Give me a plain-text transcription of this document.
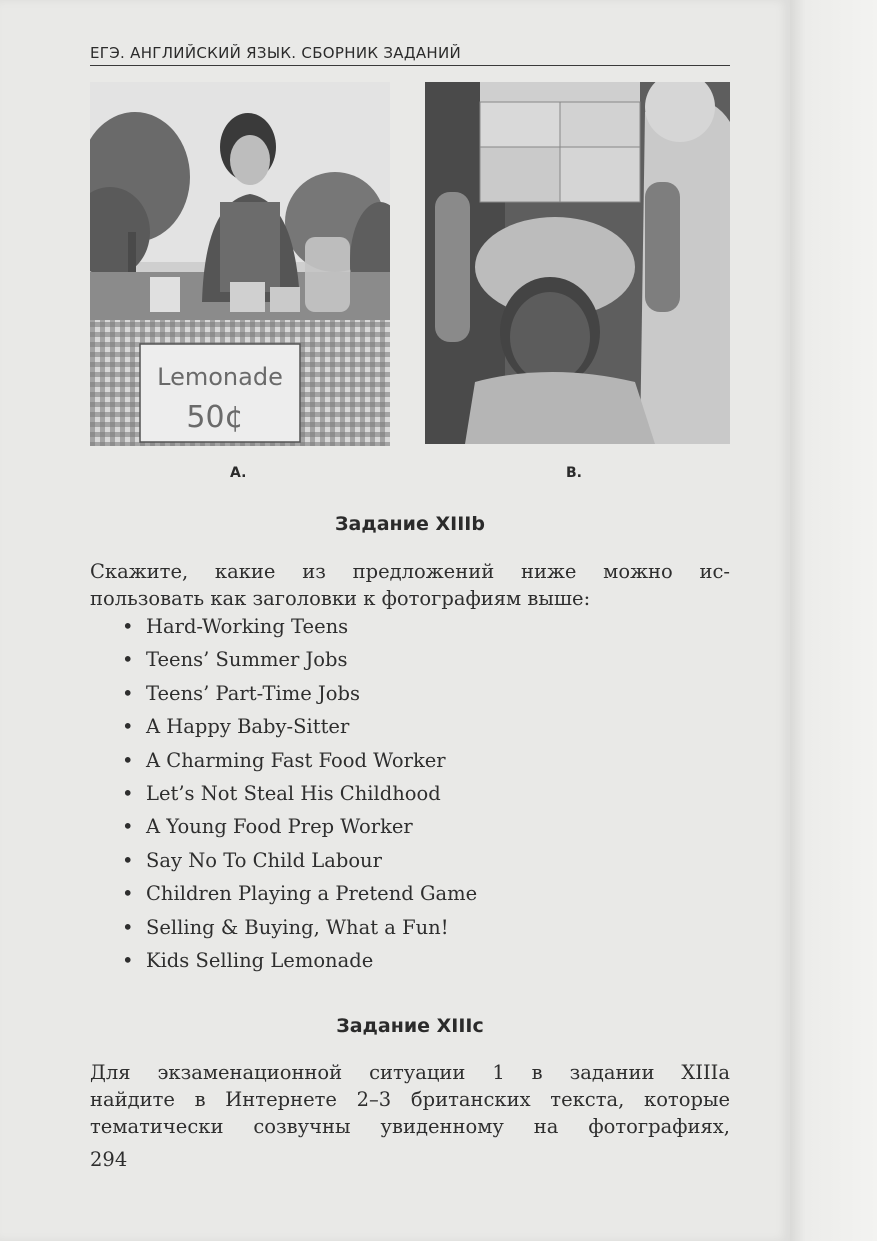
ЕГЭ. АНГЛИЙСКИЙ ЯЗЫК. СБОРНИК ЗАДАНИЙ
Lemonade
50¢
A.	B.
Задание XIIIb
Скажите, какие из предложений ниже можно ис-
пользовать как заголовки к фотографиям выше:
• Hard-Working Teens
• Teens’ Summer Jobs
• Teens’ Part-Time Jobs
• A Happy Baby-Sitter
• A Charming Fast Food Worker
• Let’s Not Steal His Childhood
• A Young Food Prep Worker
• Say No To Child Labour
• Children Playing a Pretend Game
• Selling & Buying, What a Fun!
• Kids Selling Lemonade
Задание XIIIc
Для экзаменационной ситуации 1 в задании XIIIa
найдите в Интернете 2–3 британских текста, которые
тематически созвучны увиденному на фотографиях,
294
